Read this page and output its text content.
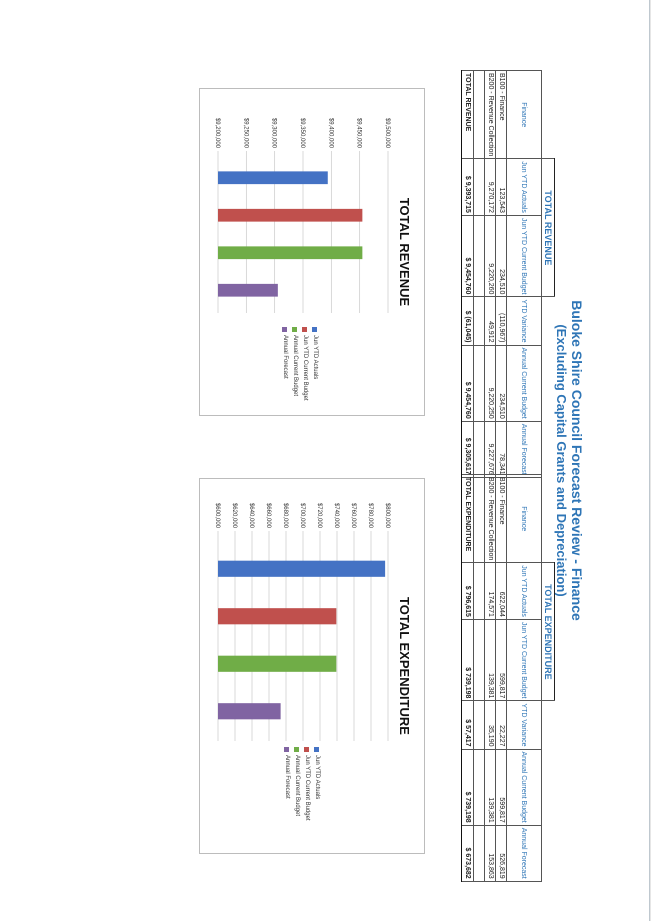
Buloke Shire Council Forecast Review - Finance
(Excluding Capital Grants and Depreciation)
	TOTAL REVENUE				
Finance	Jun YTD Actuals	Jun YTD Current Budget	YTD Variance	Annual Current Budget	Annual Forecast
B100 - Finance	123,543	234,510	(110,967)	234,510	78,341
B200 - Revenue Collection	9,270,172	9,220,260	49,912	9,220,250	9,227,676

TOTAL REVENUE	$ 9,393,715	$ 9,454,760	$ (61,045)	$ 9,454,760	$ 9,305,617
	TOTAL EXPENDITURE				
Finance	Jun YTD Actuals	Jun YTD Current Budget	YTD Variance	Annual Current Budget	Annual Forecast
B100 - Finance	622,044	599,817	22,227	599,817	526,819
B200 - Revenue Collection	174,571	139,381	35,190	139,381	153,863

TOTAL EXPENDITURE	$ 796,615	$ 739,198	$ 57,417	$ 739,198	$ 673,682
TOTAL REVENUE
$9,200,000	$9,250,000	$9,300,000	$9,350,000	$9,400,000	$9,450,000	$9,500,000
Jun YTD Actuals
Jun YTD Current Budget
Annual Current Budget
Annual Forecast
TOTAL EXPENDITURE
$600,000 $620,000 $640,000 $660,000 $680,000 $700,000 $720,000 $740,000 $760,000 $780,000 $800,000
Jun YTD Actuals
Jun YTD Current Budget
Annual Current Budget
Annual Forecast
